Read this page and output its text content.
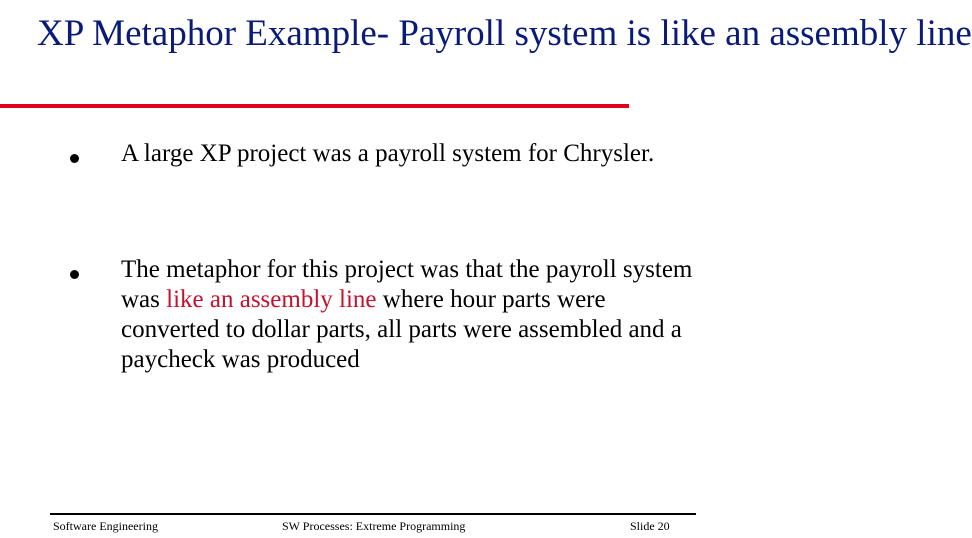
XP Metaphor Example- Payroll system is like an assembly line
A large XP project was a payroll system for Chrysler.
The metaphor for this project was that the payroll system was like an assembly line where hour parts were converted to dollar parts, all parts were assembled and a paycheck was produced
Software Engineering	SW Processes: Extreme Programming	Slide 20
